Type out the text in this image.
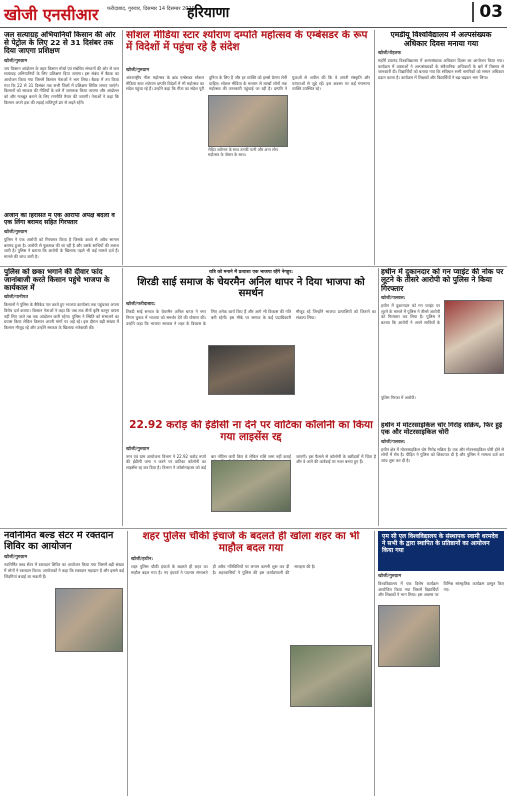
खोजी एनसीआर फरीदाबाद, गुरुवार, दिसम्बर 14 दिसम्बर 2020
हरियाणा	03
जल सत्याग्रह अभियानियों किसान की ओर से पेट्रोल के लिए 22 से 31 दिसंबर तक दिया जाएगा प्रशिक्षण
खोजी/गुरुग्राम
जय किसान आंदोलन के तहत किसान मोर्चा एवं संबंधित संगठनों की ओर से जल सत्याग्रह अभियानियों के लिए प्रशिक्षण दिया जाएगा। इस संबंध में बैठक का आयोजन किया गया जिसमें किसान नेताओं ने भाग लिया। बैठक में तय किया गया कि 22 से 31 दिसंबर तक सभी जिलों में प्रशिक्षण शिविर लगाए जाएंगे। किसानों को सरकार की नीतियों के बारे में जागरूक किया जाएगा और आंदोलन को और मजबूत बनाने के लिए रणनीति तैयार की जाएगी। नेताओं ने कहा कि किसान अपने हक की लड़ाई शांतिपूर्ण ढंग से लड़ते रहेंगे।
अंजान की हिरासत में एक आरोपी अपेक्ष बदला व एक लिंगा बरामद सहित गिरफ्तार
खोजी/गुरुग्राम
पुलिस ने एक आरोपी को गिरफ्तार किया है जिसके कब्जे से अवैध सामान बरामद हुआ है। आरोपी से पूछताछ की जा रही है और उसके साथियों की तलाश जारी है। पुलिस ने बताया कि आरोपी के खिलाफ पहले भी कई मामले दर्ज हैं। मामले की जांच जारी है।
सोशल मीडिया स्टार श्योराण दम्पति महोत्सव के एम्बेसडर के रूप में विदेशों में पहुंचा रहे है संदेश
खोजी/गुरुग्राम
अंतरराष्ट्रीय गीता महोत्सव के ब्रांड एम्बेसडर सोशल मीडिया स्टार श्योराण दम्पति विदेशों में भी महोत्सव का संदेश पहुंचा रहे हैं। उन्होंने कहा कि गीता का संदेश पूरी दुनिया के लिए है और हर व्यक्ति को इससे प्रेरणा लेनी चाहिए। सोशल मीडिया के माध्यम से लाखों लोगों तक महोत्सव की जानकारी पहुंचाई जा रही है। दम्पति ने युवाओं से अपील की कि वे अपनी संस्कृति और परंपराओं से जुड़े रहें। इस अवसर पर कई गणमान्य व्यक्ति उपस्थित रहे।
रोहित श्योराण के साथ उनकी पत्नी और अन्य लोग महोत्सव के पोस्टर के साथ।
एमडीयू विश्वविद्यालय में अल्पसंख्यक अधिकार दिवस मनाया गया
खोजी/रोहतक
महर्षि दयानंद विश्वविद्यालय में अल्पसंख्यक अधिकार दिवस का आयोजन किया गया। कार्यक्रम में वक्ताओं ने अल्पसंख्यकों के संवैधानिक अधिकारों के बारे में विस्तार से जानकारी दी। विद्यार्थियों को बताया गया कि संविधान सभी नागरिकों को समान अधिकार प्रदान करता है। कार्यक्रम में शिक्षकों और विद्यार्थियों ने बढ़-चढ़कर भाग लिया।
पुलिस को छका भगाने की दीवार फांद जानांबाजी करते किसान पहुंचे भाजपा के कार्यकाल में
खोजी/पानीपत
किसानों ने पुलिस के बैरिकेड पार करते हुए भाजपा कार्यालय तक पहुंचकर अपना विरोध दर्ज कराया। किसान नेताओं ने कहा कि जब तक तीनों कृषि कानून वापस नहीं लिए जाते तब तक आंदोलन जारी रहेगा। पुलिस ने स्थिति को संभालने का प्रयास किया लेकिन किसान अपनी मांगों पर अड़े रहे। इस दौरान बड़ी संख्या में किसान मौजूद रहे और उन्होंने सरकार के खिलाफ नारेबाजी की।
रात्रि को मनाने में प्रत्याशा एक भाजपा रहेंगे नेगहुर:
शिरडी साई समाज के चेयरमैन अनिल थापर ने दिया भाजपा को समर्थन
खोजी/फरीदाबाद:
शिरडी साई समाज के चेयरमैन अनिल थापर ने नगर निगम चुनाव में भाजपा को समर्थन देने की घोषणा की। उन्होंने कहा कि भाजपा सरकार ने शहर के विकास के लिए अनेक कार्य किए हैं और आगे भी विकास की गति बनी रहेगी। इस मौके पर समाज के कई पदाधिकारी मौजूद रहे जिन्होंने भाजपा प्रत्याशियों को जिताने का संकल्प लिया।
22.92 करोड़ की ईडीसी ना देने पर वाटिका कॉलोनी का किया गया लाइसेंस रद्द
खोजी/गुरुग्राम
नगर एवं ग्राम आयोजना विभाग ने 22.92 करोड़ रुपये की ईडीसी जमा न करने पर वाटिका कॉलोनी का लाइसेंस रद्द कर दिया है। विभाग ने कॉलोनाइजर को कई बार नोटिस जारी किए थे लेकिन राशि जमा नहीं कराई जाएगी। इस फैसले से कॉलोनी के खरीदारों में चिंता है और वे आगे की कार्रवाई पर नजर बनाए हुए हैं।
हथीन में दुकानदार को गन प्वाइंट की नोक पर लूटने के तीसरे आरोपी को पुलिस ने किया गिरफ्तार
खोजी/पलवल:
हथीन में दुकानदार को गन प्वाइंट पर लूटने के मामले में पुलिस ने तीसरे आरोपी को गिरफ्तार कर लिया है। पुलिस ने बताया कि आरोपी ने अपने साथियों के
पुलिस गिरफ्त में आरोपी।
हथीन में मोटरसाइकिल चोर गिरोह सक्रिय, फिर हुई एक और मोटरसाइकिल चोरी
खोजी/पलवल:
हथीन क्षेत्र में मोटरसाइकिल चोर गिरोह सक्रिय है। एक और मोटरसाइकिल चोरी होने से लोगों में रोष है। पीड़ित ने पुलिस को शिकायत दी है और पुलिस ने मामला दर्ज कर जांच शुरू कर दी है।
नवनिर्मित बल्ड सेंटर में रक्तदान शिविर का आयोजन
खोजी/गुरुग्राम
नवनिर्मित ब्लड सेंटर में रक्तदान शिविर का आयोजन किया गया जिसमें बड़ी संख्या में लोगों ने रक्तदान किया। आयोजकों ने कहा कि रक्तदान महादान है और इससे कई जिंदगियां बचाई जा सकती हैं।
शहर पुलिस चौकी इंचार्ज के बदलते ही खोला शहर का भी माहौल बदल गया
खोजी/हथीन:
शहर पुलिस चौकी इंचार्ज के बदलते ही शहर का माहौल बदल गया है। नए इंचार्ज ने पदभार संभालते ही अवैध गतिविधियों पर लगाम कसनी शुरू कर दी है। शहरवासियों ने पुलिस की इस कार्यप्रणाली की सराहना की है।
एम सी एल विश्वविद्यालय के संस्थापक स्वामी धरमदेव ने सभी के द्वारा स्थापित के प्रतिष्ठानों का आयोजन किया गया
खोजी/गुरुग्राम
विश्वविद्यालय में एक विशेष कार्यक्रम आयोजित किया गया जिसमें विद्यार्थियों और शिक्षकों ने भाग लिया। इस अवसर पर विभिन्न सांस्कृतिक कार्यक्रम प्रस्तुत किए गए।
